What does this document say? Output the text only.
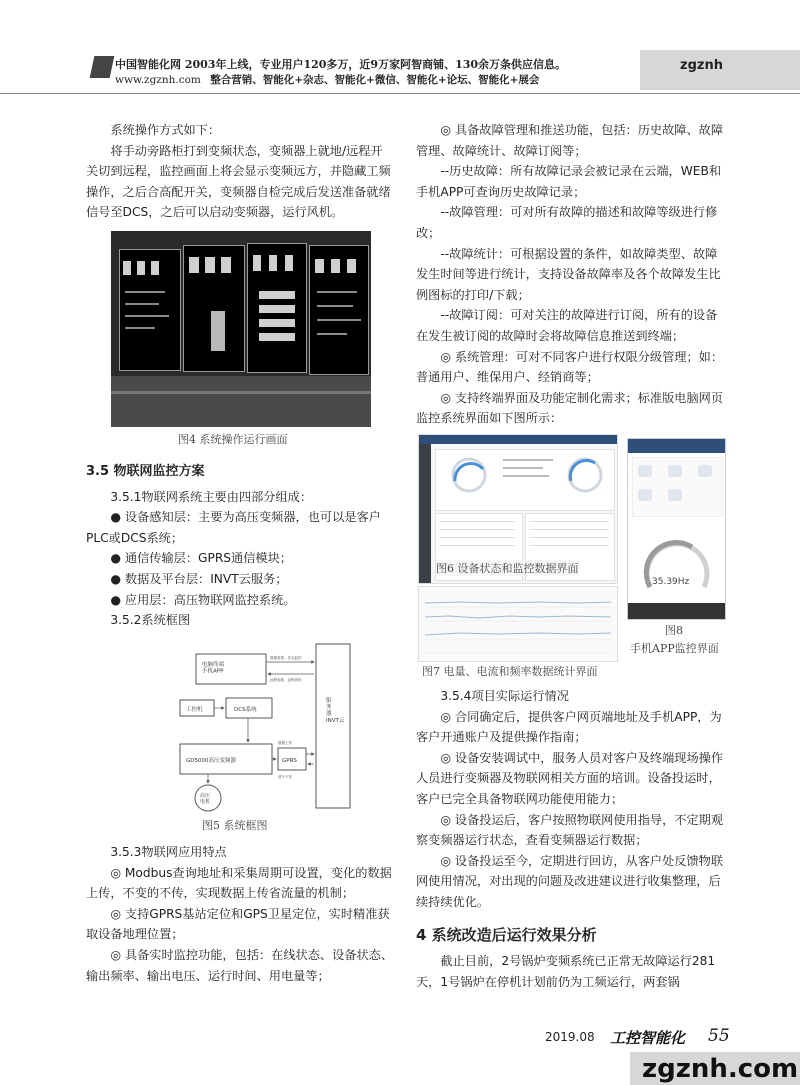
中国智能化网 2003年上线，专业用户120多万，近9万家阿智商铺、130余万条供应信息。
www.zgznh.com 整合营销、智能化+杂志、智能化+微信、智能化+论坛、智能化+展会
zgznh

系统操作方式如下：

将手动旁路柜打到变频状态，变频器上就地/远程开关切到远程，监控画面上将会显示变频远方，并隐藏工频操作，之后合高配开关，变频器自检完成后发送准备就绪信号至DCS，之后可以启动变频器，运行风机。

图4 系统操作运行画面

3.5 物联网监控方案

3.5.1物联网系统主要由四部分组成：

● 设备感知层：主要为高压变频器，也可以是客户PLC或DCS系统；

● 通信传输层：GPRS通信模块；

● 数据及平台层：INVT云服务；

● 应用层：高压物联网监控系统。

3.5.2系统框图

电脑终端手机APP
服务器 INVT云
工控机	DCS系统
GD5000高压变频器	GPRS
高压电机
数据查看、状态监控
远程参数、远程查询
数据上传
命令下发
图5 系统框图

3.5.3物联网应用特点

◎ Modbus查询地址和采集周期可设置，变化的数据上传，不变的不传，实现数据上传省流量的机制；

◎ 支持GPRS基站定位和GPS卫星定位，实时精准获取设备地理位置；

◎ 具备实时监控功能，包括：在线状态、设备状态、输出频率、输出电压、运行时间、用电量等；

◎ 具备故障管理和推送功能，包括：历史故障、故障管理、故障统计、故障订阅等；

--历史故障：所有故障记录会被记录在云端，WEB和手机APP可查询历史故障记录；

--故障管理：可对所有故障的描述和故障等级进行修改；

--故障统计：可根据设置的条件，如故障类型、故障发生时间等进行统计，支持设备故障率及各个故障发生比例图标的打印/下载；

--故障订阅：可对关注的故障进行订阅，所有的设备在发生被订阅的故障时会将故障信息推送到终端；

◎ 系统管理：可对不同客户进行权限分级管理；如：普通用户、维保用户、经销商等；

◎ 支持终端界面及功能定制化需求；标准版电脑网页监控系统界面如下图所示：

图6 设备状态和监控数据界面
35.39Hz
图8
手机APP监控界面
图7 电量、电流和频率数据统计界面

3.5.4项目实际运行情况

◎ 合同确定后，提供客户网页端地址及手机APP，为客户开通账户及提供操作指南；

◎ 设备安装调试中，服务人员对客户及终端现场操作人员进行变频器及物联网相关方面的培训。设备投运时，客户已完全具备物联网功能使用能力；

◎ 设备投运后，客户按照物联网使用指导，不定期观察变频器运行状态，查看变频器运行数据；

◎ 设备投运至今，定期进行回访，从客户处反馈物联网使用情况，对出现的问题及改进建议进行收集整理，后续持续优化。

4 系统改造后运行效果分析

截止目前，2号锅炉变频系统已正常无故障运行281天，1号锅炉在停机计划前仍为工频运行，两套锅

2019.08 工控智能化 55
zgznh.com
